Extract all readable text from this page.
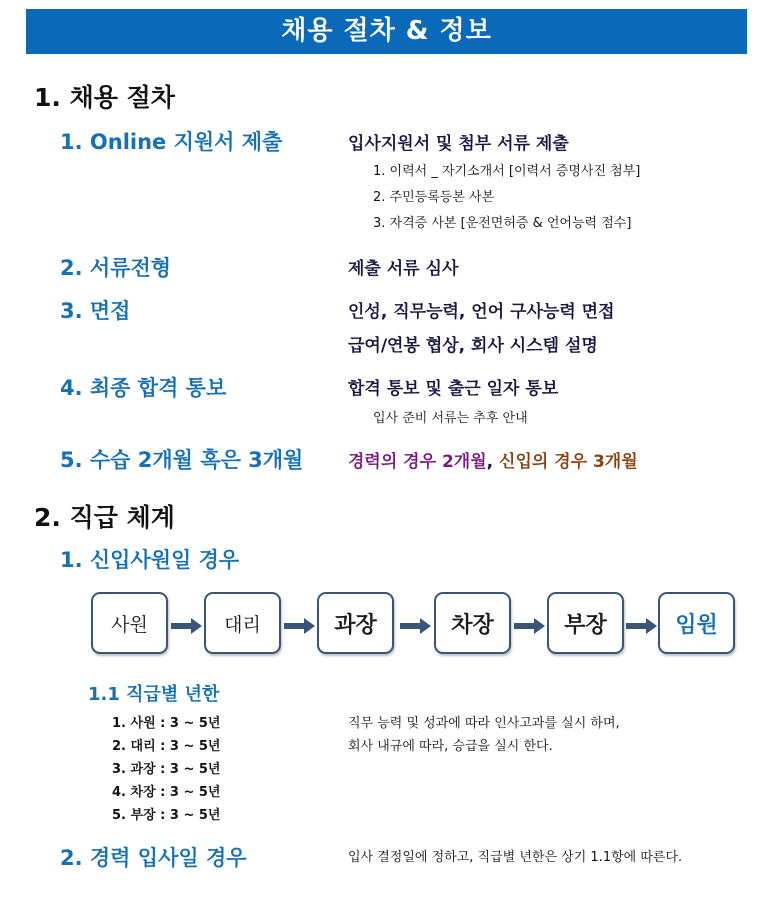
채용 절차 & 정보
1. 채용 절차
1. Online 지원서 제출	입사지원서 및 첨부 서류 제출
1. 이력서 _ 자기소개서 [이력서 증명사진 첨부]
2. 주민등록등본 사본
3. 자격증 사본 [운전면허증 & 언어능력 점수]
2. 서류전형	제출 서류 심사
3. 면접	인성, 직무능력, 언어 구사능력 면접
급여/연봉 협상, 회사 시스템 설명
4. 최종 합격 통보	합격 통보 및 출근 일자 통보
입사 준비 서류는 추후 안내
5. 수습 2개월 혹은 3개월	경력의 경우 2개월, 신입의 경우 3개월
2. 직급 체계
1. 신입사원일 경우
사원	대리	과장	차장	부장	임원
1.1 직급별 년한
1. 사원 : 3 ~ 5년
2. 대리 : 3 ~ 5년
3. 과장 : 3 ~ 5년
4. 차장 : 3 ~ 5년
5. 부장 : 3 ~ 5년
직무 능력 및 성과에 따라 인사고과를 실시 하며,
회사 내규에 따라, 승급을 실시 한다.
2. 경력 입사일 경우	입사 결정일에 정하고, 직급별 년한은 상기 1.1항에 따른다.
